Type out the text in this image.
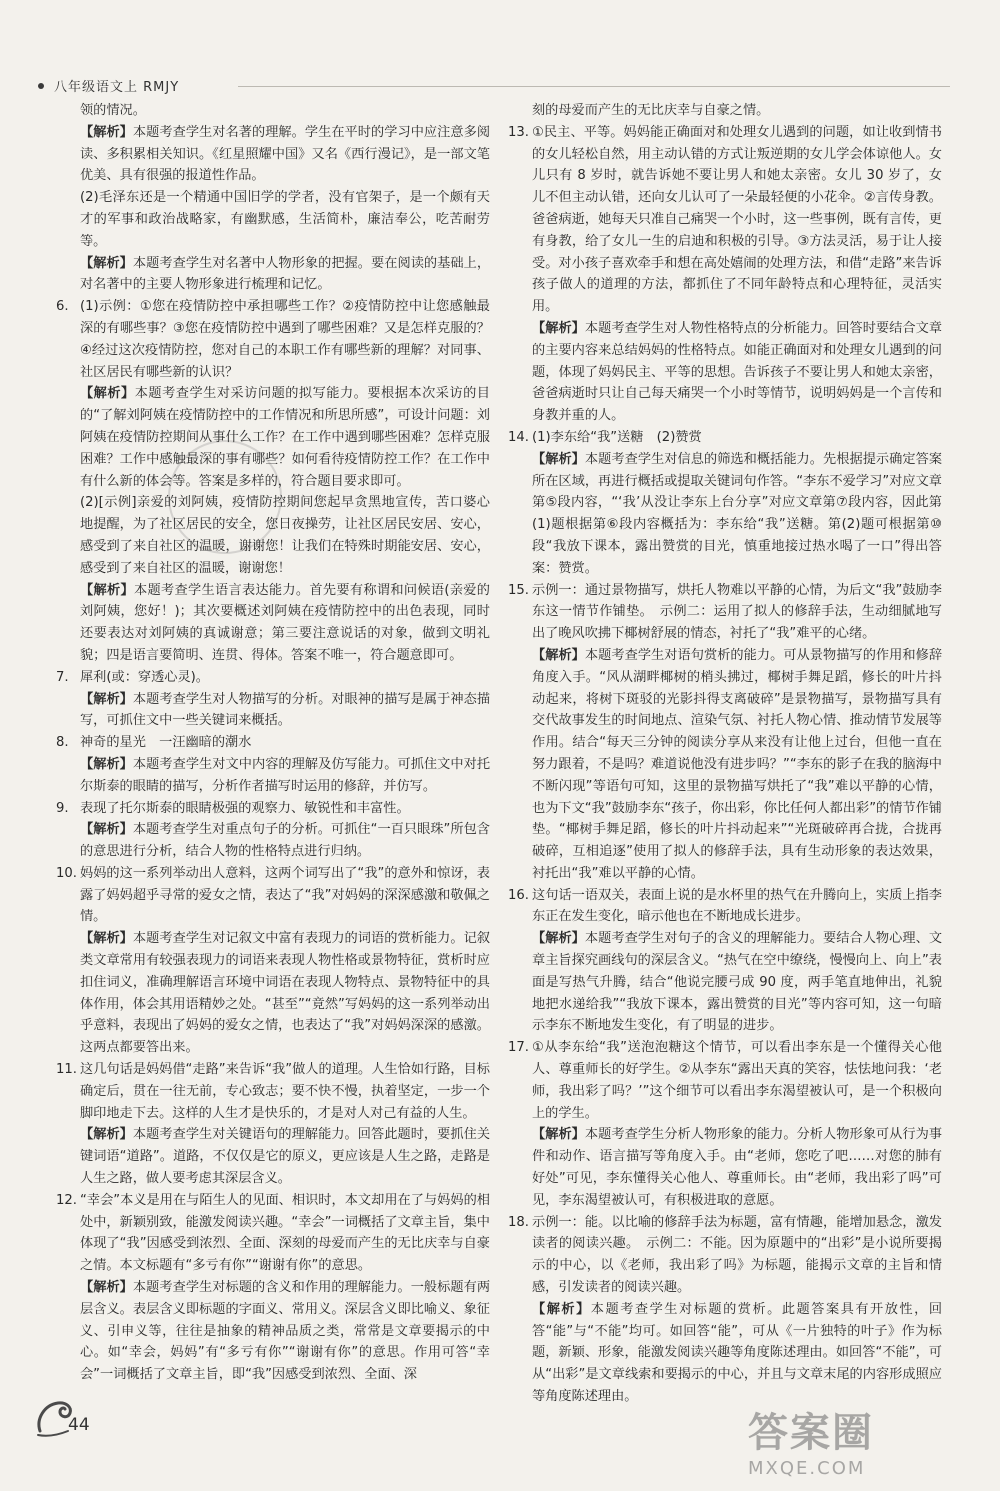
八年级语文上 RMJY
领的情况。
【解析】本题考查学生对名著的理解。学生在平时的学习中应注意多阅读、多积累相关知识。《红星照耀中国》又名《西行漫记》，是一部文笔优美、具有很强的报道性作品。
(2)毛泽东还是一个精通中国旧学的学者，没有官架子，是一个颇有天才的军事和政治战略家，有幽默感，生活简朴，廉洁奉公，吃苦耐劳等。
【解析】本题考查学生对名著中人物形象的把握。要在阅读的基础上，对名著中的主要人物形象进行梳理和记忆。
6. (1)示例：①您在疫情防控中承担哪些工作？②疫情防控中让您感触最深的有哪些事？③您在疫情防控中遇到了哪些困难？又是怎样克服的？④经过这次疫情防控，您对自己的本职工作有哪些新的理解？对同事、社区居民有哪些新的认识？
【解析】本题考查学生对采访问题的拟写能力。要根据本次采访的目的“了解刘阿姨在疫情防控中的工作情况和所思所感”，可设计问题：刘阿姨在疫情防控期间从事什么工作？在工作中遇到哪些困难？怎样克服困难？工作中感触最深的事有哪些？如何看待疫情防控工作？在工作中有什么新的体会等。答案是多样的，符合题目要求即可。
(2)[示例]亲爱的刘阿姨，疫情防控期间您起早贪黑地宣传，苦口婆心地提醒，为了社区居民的安全，您日夜操劳，让社区居民安居、安心，感受到了来自社区的温暖，谢谢您！让我们在特殊时期能安居、安心，感受到了来自社区的温暖，谢谢您！
【解析】本题考查学生语言表达能力。首先要有称谓和问候语(亲爱的刘阿姨，您好！)；其次要概述刘阿姨在疫情防控中的出色表现，同时还要表达对刘阿姨的真诚谢意；第三要注意说话的对象，做到文明礼貌；四是语言要简明、连贯、得体。答案不唯一，符合题意即可。
7. 犀利(或：穿透心灵)。
【解析】本题考查学生对人物描写的分析。对眼神的描写是属于神态描写，可抓住文中一些关键词来概括。
8. 神奇的星光　一汪幽暗的潮水
【解析】本题考查学生对文中内容的理解及仿写能力。可抓住文中对托尔斯泰的眼睛的描写，分析作者描写时运用的修辞，并仿写。
9. 表现了托尔斯泰的眼睛极强的观察力、敏锐性和丰富性。
【解析】本题考查学生对重点句子的分析。可抓住“一百只眼珠”所包含的意思进行分析，结合人物的性格特点进行归纳。
10. 妈妈的这一系列举动出人意料，这两个词写出了“我”的意外和惊讶，表露了妈妈超乎寻常的爱女之情，表达了“我”对妈妈的深深感激和敬佩之情。
【解析】本题考查学生对记叙文中富有表现力的词语的赏析能力。记叙类文章常用有较强表现力的词语来表现人物性格或景物特征，赏析时应扣住词义，准确理解语言环境中词语在表现人物特点、景物特征中的具体作用，体会其用语精妙之处。“甚至”“竟然”写妈妈的这一系列举动出乎意料，表现出了妈妈的爱女之情，也表达了“我”对妈妈深深的感激。这两点都要答出来。
11. 这几句话是妈妈借“走路”来告诉“我”做人的道理。人生恰如行路，目标确定后，贯在一往无前，专心致志；要不快不慢，执着坚定，一步一个脚印地走下去。这样的人生才是快乐的，才是对人对己有益的人生。
【解析】本题考查学生对关键语句的理解能力。回答此题时，要抓住关键词语“道路”。道路，不仅仅是它的原义，更应该是人生之路，走路是人生之路，做人要考虑其深层含义。
12. “幸会”本义是用在与陌生人的见面、相识时，本文却用在了与妈妈的相处中，新颖别致，能激发阅读兴趣。“幸会”一词概括了文章主旨，集中体现了“我”因感受到浓烈、全面、深刻的母爱而产生的无比庆幸与自豪之情。本文标题有“多亏有你”“谢谢有你”的意思。
【解析】本题考查学生对标题的含义和作用的理解能力。一般标题有两层含义。表层含义即标题的字面义、常用义。深层含义即比喻义、象征义、引申义等，往往是抽象的精神品质之类，常常是文章要揭示的中心。如“幸会，妈妈”有“多亏有你”“谢谢有你”的意思。作用可答“幸会”一词概括了文章主旨，即“我”因感受到浓烈、全面、深
刻的母爱而产生的无比庆幸与自豪之情。
13. ①民主、平等。妈妈能正确面对和处理女儿遇到的问题，如让收到情书的女儿轻松自然，用主动认错的方式让叛逆期的女儿学会体谅他人。女儿只有 8 岁时，就告诉她不要让男人和她太亲密。女儿 30 岁了，女儿不但主动认错，还向女儿认可了一朵最轻便的小花伞。②言传身教。爸爸病逝，她每天只准自己痛哭一个小时，这一些事例，既有言传，更有身教，给了女儿一生的启迪和积极的引导。③方法灵活，易于让人接受。对小孩子喜欢牵手和想在高处嬉闹的处理方法，和借“走路”来告诉孩子做人的道理的方法，都抓住了不同年龄特点和心理特征，灵活实用。
【解析】本题考查学生对人物性格特点的分析能力。回答时要结合文章的主要内容来总结妈妈的性格特点。如能正确面对和处理女儿遇到的问题，体现了妈妈民主、平等的思想。告诉孩子不要让男人和她太亲密，爸爸病逝时只让自己每天痛哭一个小时等情节，说明妈妈是一个言传和身教并重的人。
14. (1)李东给“我”送糖　(2)赞赏
【解析】本题考查学生对信息的筛选和概括能力。先根据提示确定答案所在区域，再进行概括或提取关键词句作答。“李东不爱学习”对应文章第⑤段内容，“‘我’从没让李东上台分享”对应文章第⑦段内容，因此第(1)题根据第⑥段内容概括为：李东给“我”送糖。第(2)题可根据第⑩段“我放下课本，露出赞赏的目光，慎重地接过热水喝了一口”得出答案：赞赏。
15. 示例一：通过景物描写，烘托人物难以平静的心情，为后文“我”鼓励李东这一情节作铺垫。　示例二：运用了拟人的修辞手法，生动细腻地写出了晚风吹拂下椰树舒展的情态，衬托了“我”难平的心绪。
【解析】本题考查学生对语句赏析的能力。可从景物描写的作用和修辞角度入手。“风从湖畔椰树的梢头拂过，椰树手舞足蹈，修长的叶片抖动起来，将树下斑驳的光影抖得支离破碎”是景物描写，景物描写具有交代故事发生的时间地点、渲染气氛、衬托人物心情、推动情节发展等作用。结合“每天三分钟的阅读分享从来没有让他上过台，但他一直在努力跟着，不是吗？难道说他没有进步吗？”“李东的影子在我的脑海中不断闪现”等语句可知，这里的景物描写烘托了“我”难以平静的心情，也为下文“我”鼓励李东“孩子，你出彩，你比任何人都出彩”的情节作铺垫。“椰树手舞足蹈，修长的叶片抖动起来”“光斑破碎再合拢，合拢再破碎，互相追逐”使用了拟人的修辞手法，具有生动形象的表达效果，衬托出“我”难以平静的心情。
16. 这句话一语双关，表面上说的是水杯里的热气在升腾向上，实质上指李东正在发生变化，暗示他也在不断地成长进步。
【解析】本题考查学生对句子的含义的理解能力。要结合人物心理、文章主旨探究画线句的深层含义。“热气在空中缭绕，慢慢向上、向上”表面是写热气升腾，结合“他说完腰弓成 90 度，两手笔直地伸出，礼貌地把水递给我”“我放下课本，露出赞赏的目光”等内容可知，这一句暗示李东不断地发生变化，有了明显的进步。
17. ①从李东给“我”送泡泡糖这个情节，可以看出李东是一个懂得关心他人、尊重师长的好学生。②从李东“露出天真的笑容，怯怯地问我：‘老师，我出彩了吗？’”这个细节可以看出李东渴望被认可，是一个积极向上的学生。
【解析】本题考查学生分析人物形象的能力。分析人物形象可从行为事件和动作、语言描写等角度入手。由“老师，您吃了吧……对您的肺有好处”可见，李东懂得关心他人、尊重师长。由“老师，我出彩了吗”可见，李东渴望被认可，有积极进取的意愿。
18. 示例一：能。以比喻的修辞手法为标题，富有情趣，能增加悬念，激发读者的阅读兴趣。　示例二：不能。因为原题中的“出彩”是小说所要揭示的中心，以《老师，我出彩了吗》为标题，能揭示文章的主旨和情感，引发读者的阅读兴趣。
【解析】本题考查学生对标题的赏析。此题答案具有开放性，回答“能”与“不能”均可。如回答“能”，可从《一片独特的叶子》作为标题，新颖、形象，能激发阅读兴趣等角度陈述理由。如回答“不能”，可从“出彩”是文章线索和要揭示的中心，并且与文章末尾的内容形成照应等角度陈述理由。
44	答案圈
MXQE.COM
